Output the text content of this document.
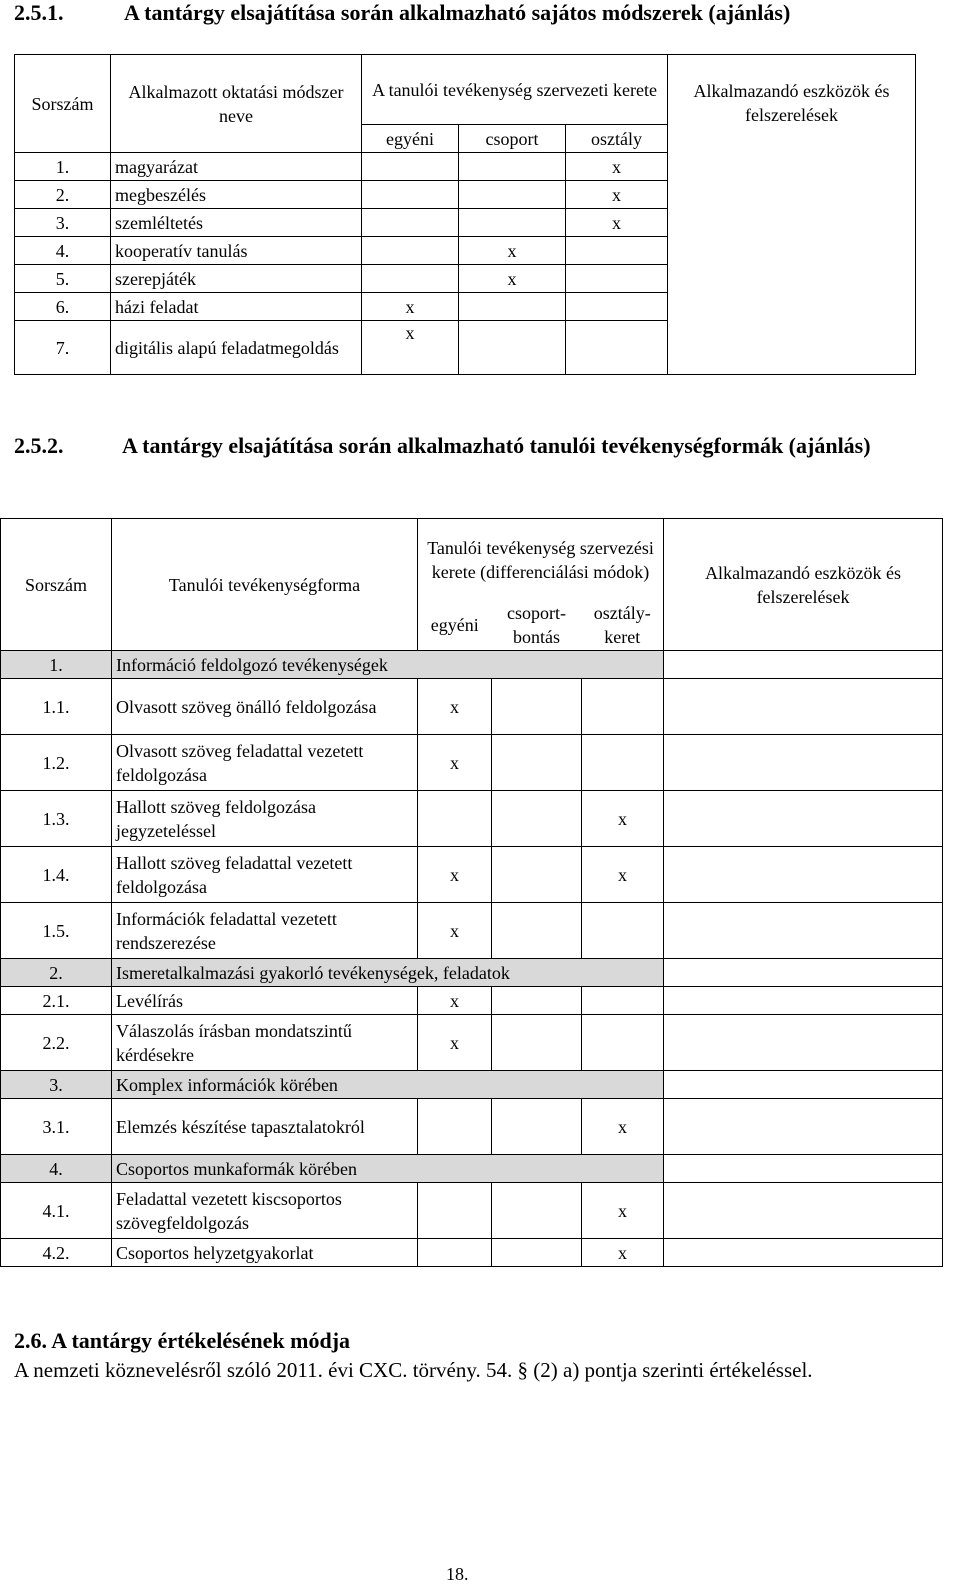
2.5.1.	A tantárgy elsajátítása során alkalmazható sajátos módszerek (ajánlás)
Sorszám	Alkalmazott oktatási módszer neve	A tanulói tevékenység szervezeti kerete			Alkalmazandó eszközök és felszerelések
		egyéni	csoport	osztály	
1.	magyarázat			x	
2.	megbeszélés			x	
3.	szemléltetés			x	
4.	kooperatív tanulás		x		
5.	szerepjáték		x		
6.	házi feladat	x			
7.	digitális alapú feladatmegoldás	x			
2.5.2.	A tantárgy elsajátítása során alkalmazható tanulói tevékenységformák (ajánlás)
Sorszám	Tanulói tevékenységforma	Tanulói tevékenység szervezési kerete (differenciálási módok)			Alkalmazandó eszközök és felszerelések
		egyéni	csoport-bontás	osztály-keret	
1.	Információ feldolgozó tevékenységek				
1.1.	Olvasott szöveg önálló feldolgozása	x			
1.2.	Olvasott szöveg feladattal vezetett feldolgozása	x			
1.3.	Hallott szöveg feldolgozása jegyzeteléssel			x	
1.4.	Hallott szöveg feladattal vezetett feldolgozása	x		x	
1.5.	Információk feladattal vezetett rendszerezése	x			
2.	Ismeretalkalmazási gyakorló tevékenységek, feladatok				
2.1.	Levélírás	x			
2.2.	Válaszolás írásban mondatszintű kérdésekre	x			
3.	Komplex információk körében				
3.1.	Elemzés készítése tapasztalatokról			x	
4.	Csoportos munkaformák körében				
4.1.	Feladattal vezetett kiscsoportos szövegfeldolgozás			x	
4.2.	Csoportos helyzetgyakorlat			x	
2.6. A tantárgy értékelésének módja
A nemzeti köznevelésről szóló 2011. évi CXC. törvény. 54. § (2) a) pontja szerinti értékeléssel.
18.
